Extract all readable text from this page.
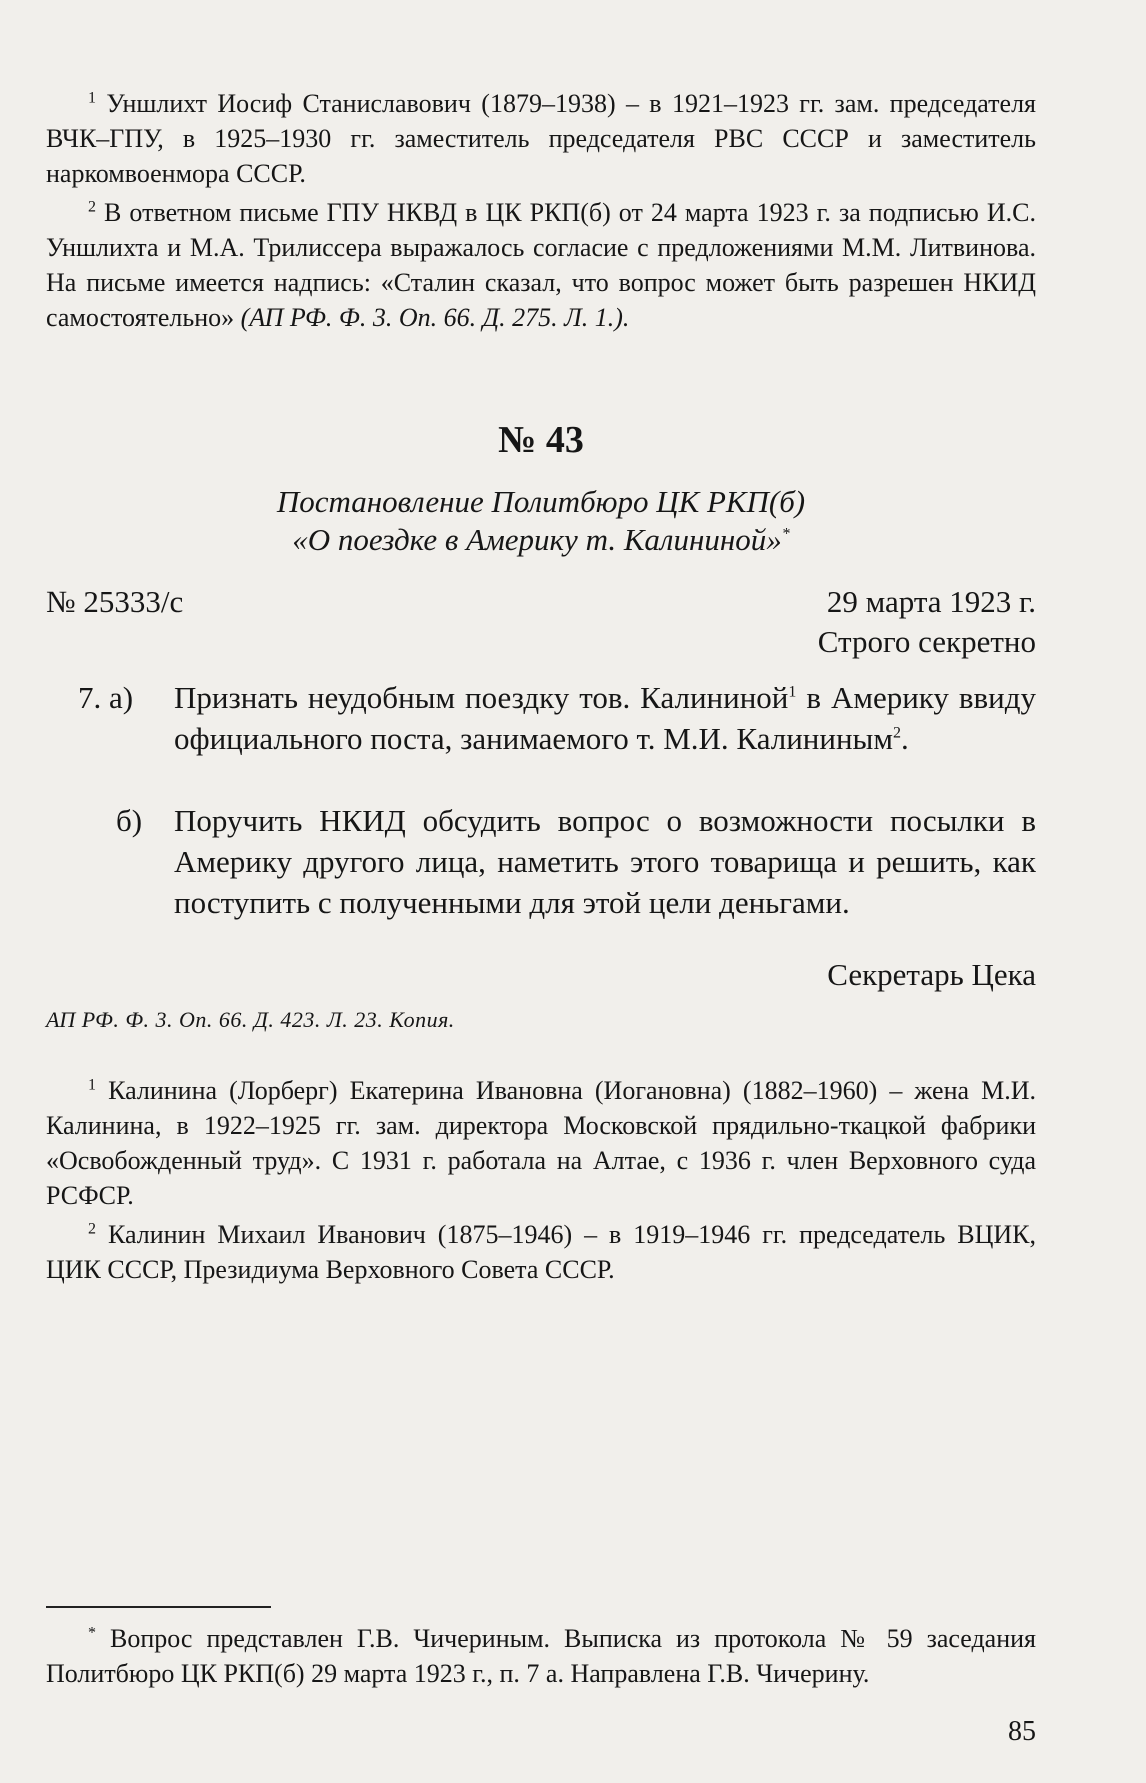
$^1$ Уншлихт Иосиф Станиславович (1879–1938) – в 1921–1923 гг. зам. председателя ВЧК–ГПУ, в 1925–1930 гг. заместитель председателя РВС СССР и заместитель наркомвоенмора СССР.

$^2$ В ответном письме ГПУ НКВД в ЦК РКП(б) от 24 марта 1923 г. за подписью И.С. Уншлихта и М.А. Трилиссера выражалось согласие с предложениями М.М. Литвинова. На письме имеется надпись: «Сталин сказал, что вопрос может быть разрешен НКИД самостоятельно» (АП РФ. Ф. 3. Оп. 66. Д. 275. Л. 1.).

№ 43
Постановление Политбюро ЦК РКП(б)
«О поездке в Америку т. Калининой»*
№ 25333/с	29 марта 1923 г.
Строго секретно
7. а) Признать неудобным поездку тов. Калининой$^1$ в Америку ввиду официального поста, занимаемого т. М.И. Калининым$^2$.
б) Поручить НКИД обсудить вопрос о возможности посылки в Америку другого лица, наметить этого товарища и решить, как поступить с полученными для этой цели деньгами.
Секретарь Цека
АП РФ. Ф. 3. Оп. 66. Д. 423. Л. 23. Копия.

$^1$ Калинина (Лорберг) Екатерина Ивановна (Иогановна) (1882–1960) – жена М.И. Калинина, в 1922–1925 гг. зам. директора Московской прядильно-ткацкой фабрики «Освобожденный труд». С 1931 г. работала на Алтае, с 1936 г. член Верховного суда РСФСР.

$^2$ Калинин Михаил Иванович (1875–1946) – в 1919–1946 гг. председатель ВЦИК, ЦИК СССР, Президиума Верховного Совета СССР.

* Вопрос представлен Г.В. Чичериным. Выписка из протокола № 59 заседания Политбюро ЦК РКП(б) 29 марта 1923 г., п. 7 а. Направлена Г.В. Чичерину.

85
